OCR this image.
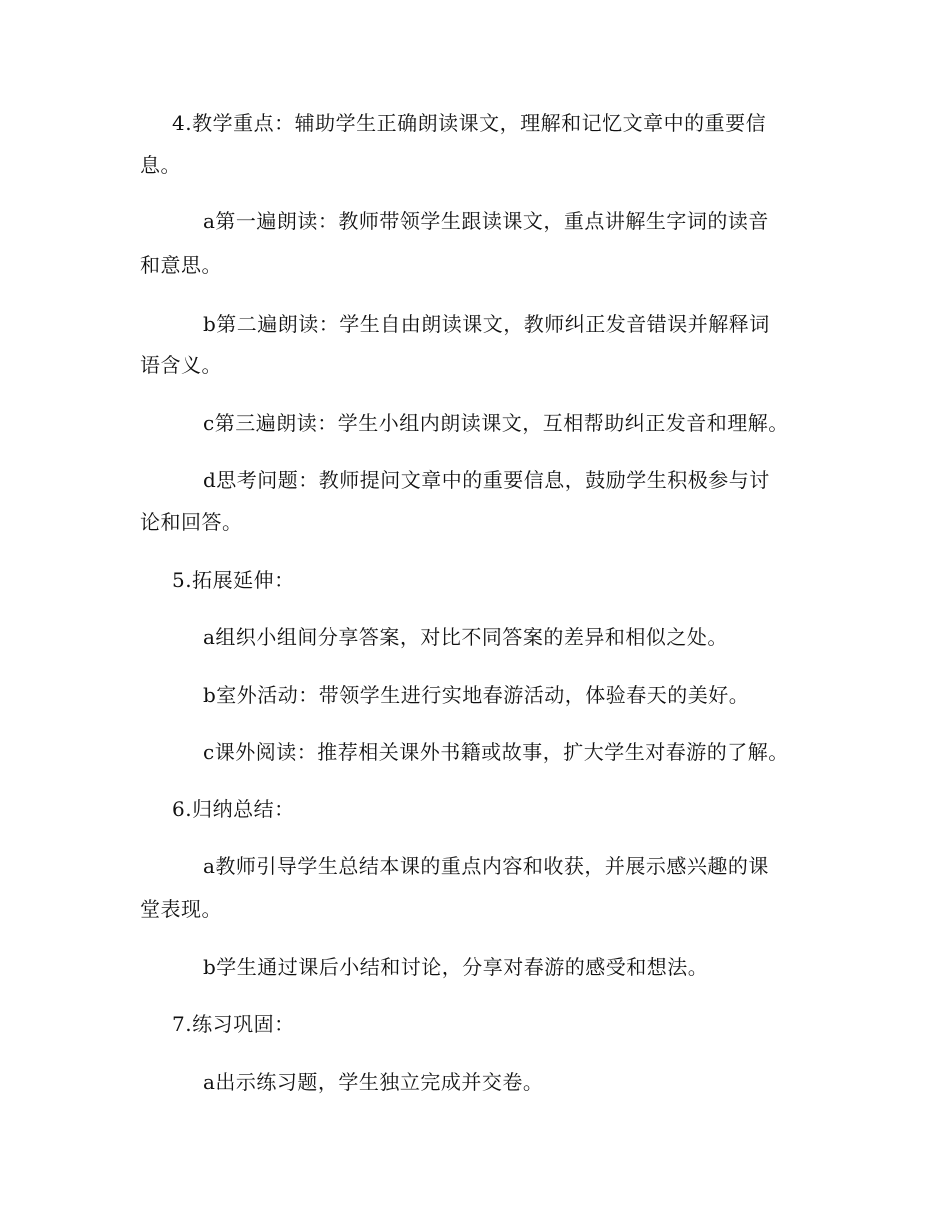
4.教学重点：辅助学生正确朗读课文，理解和记忆文章中的重要信
息。
a第一遍朗读：教师带领学生跟读课文，重点讲解生字词的读音
和意思。
b第二遍朗读：学生自由朗读课文，教师纠正发音错误并解释词
语含义。
c第三遍朗读：学生小组内朗读课文，互相帮助纠正发音和理解。
d思考问题：教师提问文章中的重要信息，鼓励学生积极参与讨
论和回答。
5.拓展延伸：
a组织小组间分享答案，对比不同答案的差异和相似之处。
b室外活动：带领学生进行实地春游活动，体验春天的美好。
c课外阅读：推荐相关课外书籍或故事，扩大学生对春游的了解。
6.归纳总结：
a教师引导学生总结本课的重点内容和收获，并展示感兴趣的课
堂表现。
b学生通过课后小结和讨论，分享对春游的感受和想法。
7.练习巩固：
a出示练习题，学生独立完成并交卷。
